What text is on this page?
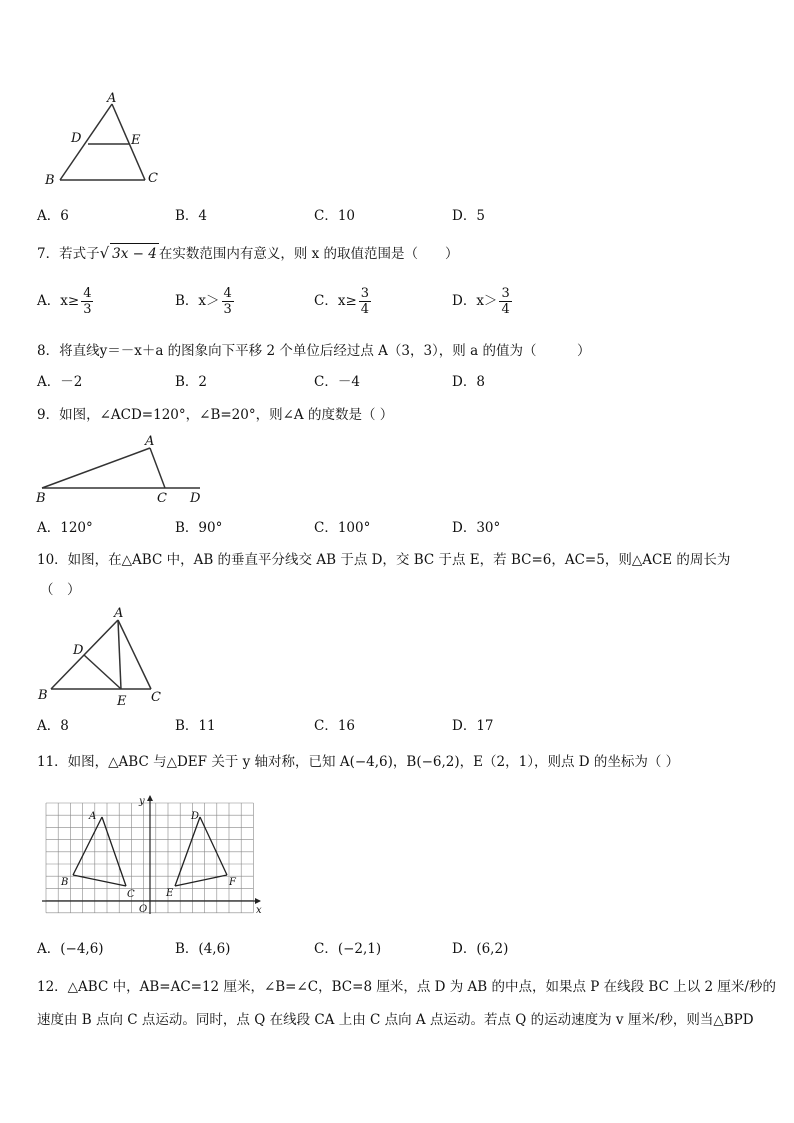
A
D	E
B	C
A．6	B．4	C．10	D．5
7．若式子√ 3x − 4 在实数范围内有意义，则 x 的取值范围是（　　）
A．$x\ge \frac{4}{3}$	B．$x> \frac{4}{3}$	C．$x\ge \frac{3}{4}$	D．$x> \frac{3}{4}$
8．将直线y＝－x＋a 的图象向下平移 2 个单位后经过点 A（3，3），则 a 的值为（　　　）
A．－2	B．2	C．－4	D．8
9．如图，∠ACD=120°，∠B=20°，则∠A 的度数是（ ）
A
B	C D
A．120°	B．90°	C．100°	D．30°
10．如图，在△ABC 中，AB 的垂直平分线交 AB 于点 D，交 BC 于点 E，若 BC=6，AC=5，则△ACE 的周长为
（　）
A
D
B	E C
A．8	B．11	C．16	D．17
11．如图，△ABC 与△DEF 关于 y 轴对称，已知 A(−4,6)，B(−6,2)，E（2，1），则点 D 的坐标为（ ）
A
B
C
D
E
F
O	x
y
A．(−4,6)	B．(4,6)	C．(−2,1)	D．(6,2)
12．△ABC 中，AB=AC=12 厘米，∠B=∠C，BC=8 厘米，点 D 为 AB 的中点，如果点 P 在线段 BC 上以 2 厘米/秒的
速度由 B 点向 C 点运动。同时，点 Q 在线段 CA 上由 C 点向 A 点运动。若点 Q 的运动速度为 v 厘米/秒，则当△BPD
